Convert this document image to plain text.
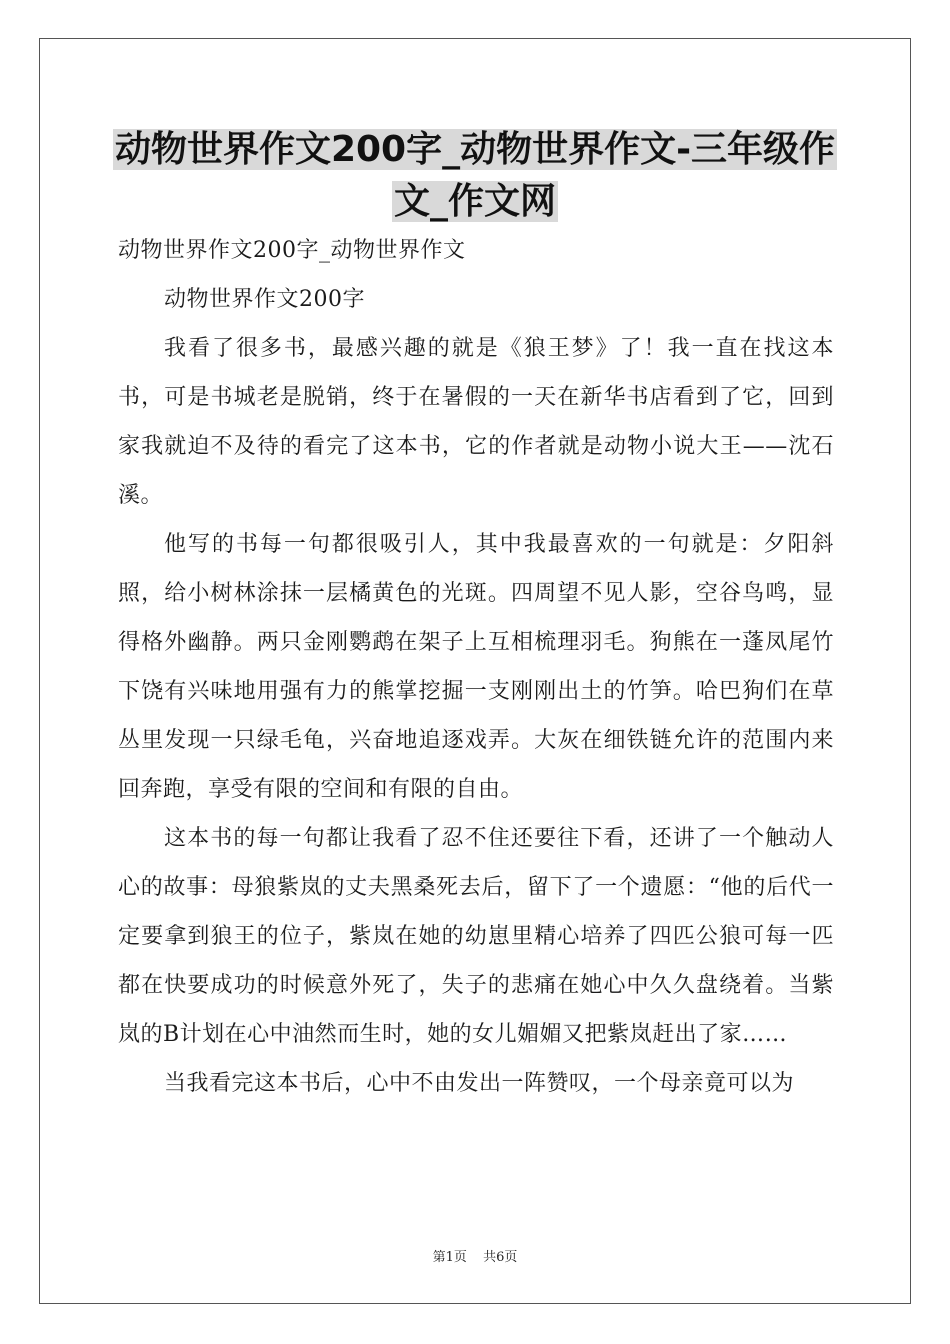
动物世界作文200字_动物世界作文-三年级作
文_作文网

动物世界作文200字_动物世界作文

动物世界作文200字

我看了很多书，最感兴趣的就是《狼王梦》了！我一直在找这本书，可是书城老是脱销，终于在暑假的一天在新华书店看到了它，回到家我就迫不及待的看完了这本书，它的作者就是动物小说大王——沈石溪。

他写的书每一句都很吸引人，其中我最喜欢的一句就是：夕阳斜照，给小树林涂抹一层橘黄色的光斑。四周望不见人影，空谷鸟鸣，显得格外幽静。两只金刚鹦鹉在架子上互相梳理羽毛。狗熊在一蓬凤尾竹下饶有兴味地用强有力的熊掌挖掘一支刚刚出土的竹笋。哈巴狗们在草丛里发现一只绿毛龟，兴奋地追逐戏弄。大灰在细铁链允许的范围内来回奔跑，享受有限的空间和有限的自由。

这本书的每一句都让我看了忍不住还要往下看，还讲了一个触动人心的故事：母狼紫岚的丈夫黑桑死去后，留下了一个遗愿：“他的后代一定要拿到狼王的位子，紫岚在她的幼崽里精心培养了四匹公狼可每一匹都在快要成功的时候意外死了，失子的悲痛在她心中久久盘绕着。当紫岚的B计划在心中油然而生时，她的女儿媚媚又把紫岚赶出了家……

当我看完这本书后，心中不由发出一阵赞叹，一个母亲竟可以为

第1页 共6页
